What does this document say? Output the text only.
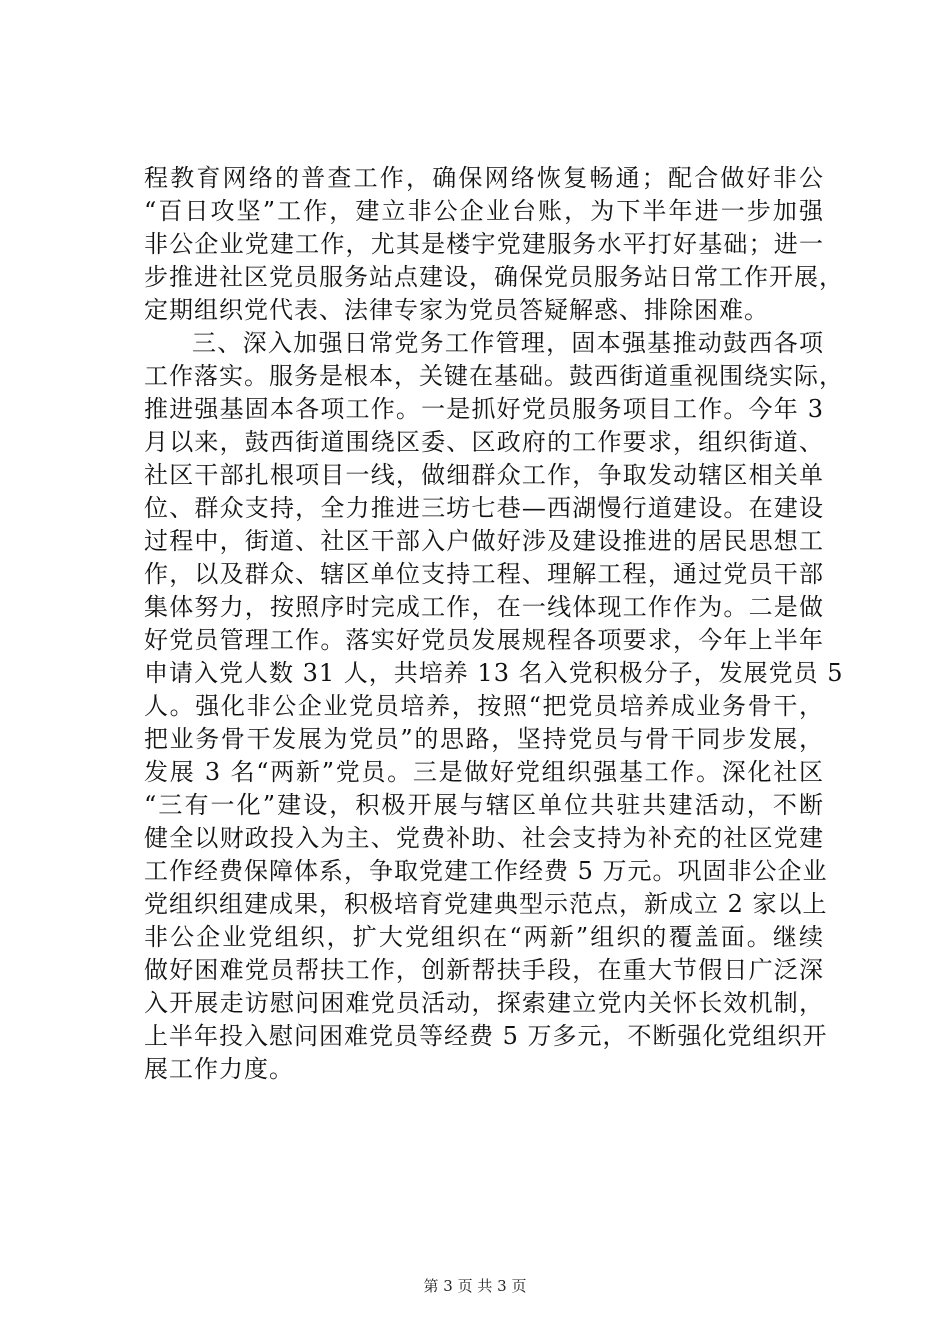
程教育网络的普查工作，确保网络恢复畅通；配合做好非公
“百日攻坚”工作，建立非公企业台账，为下半年进一步加强
非公企业党建工作，尤其是楼宇党建服务水平打好基础；进一
步推进社区党员服务站点建设，确保党员服务站日常工作开展，
定期组织党代表、法律专家为党员答疑解惑、排除困难。
三、深入加强日常党务工作管理，固本强基推动鼓西各项
工作落实。服务是根本，关键在基础。鼓西街道重视围绕实际，
推进强基固本各项工作。一是抓好党员服务项目工作。今年 3
月以来，鼓西街道围绕区委、区政府的工作要求，组织街道、
社区干部扎根项目一线，做细群众工作，争取发动辖区相关单
位、群众支持，全力推进三坊七巷—西湖慢行道建设。在建设
过程中，街道、社区干部入户做好涉及建设推进的居民思想工
作，以及群众、辖区单位支持工程、理解工程，通过党员干部
集体努力，按照序时完成工作，在一线体现工作作为。二是做
好党员管理工作。落实好党员发展规程各项要求，今年上半年
申请入党人数 31 人，共培养 13 名入党积极分子，发展党员 5
人。强化非公企业党员培养，按照“把党员培养成业务骨干，
把业务骨干发展为党员”的思路，坚持党员与骨干同步发展，
发展 3 名“两新”党员。三是做好党组织强基工作。深化社区
“三有一化”建设，积极开展与辖区单位共驻共建活动，不断
健全以财政投入为主、党费补助、社会支持为补充的社区党建
工作经费保障体系，争取党建工作经费 5 万元。巩固非公企业
党组织组建成果，积极培育党建典型示范点，新成立 2 家以上
非公企业党组织，扩大党组织在“两新”组织的覆盖面。继续
做好困难党员帮扶工作，创新帮扶手段，在重大节假日广泛深
入开展走访慰问困难党员活动，探索建立党内关怀长效机制，
上半年投入慰问困难党员等经费 5 万多元，不断强化党组织开
展工作力度。
第 3 页 共 3 页
